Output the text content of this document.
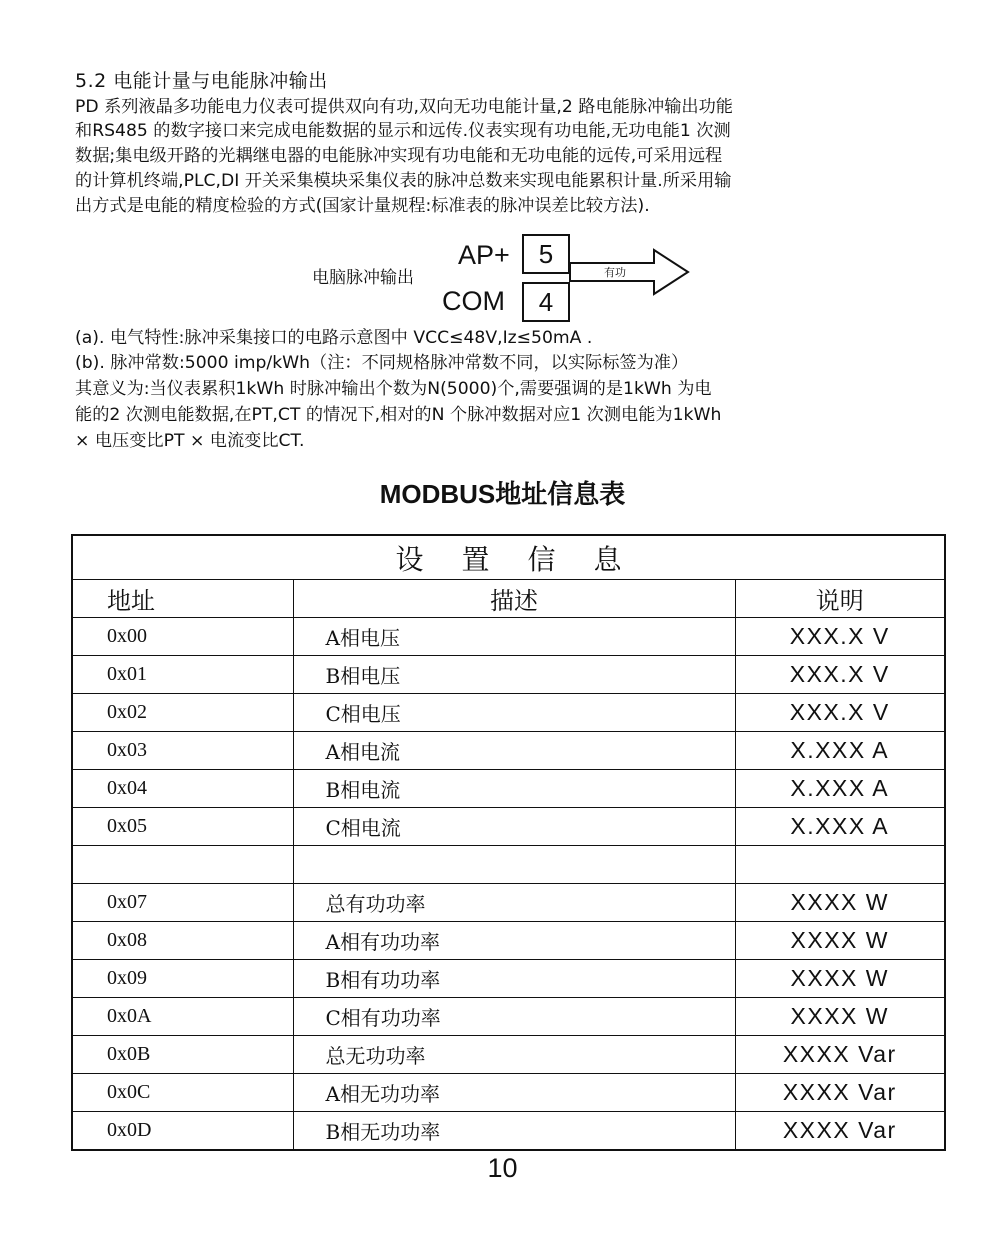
5.2 电能计量与电能脉冲输出
PD 系列液晶多功能电力仪表可提供双向有功,双向无功电能计量,2 路电能脉冲输出功能
和RS485 的数字接口来完成电能数据的显示和远传.仪表实现有功电能,无功电能1 次测
数据;集电级开路的光耦继电器的电能脉冲实现有功电能和无功电能的远传,可采用远程
的计算机终端,PLC,DI 开关采集模块采集仪表的脉冲总数来实现电能累积计量.所采用输
出方式是电能的精度检验的方式(国家计量规程:标准表的脉冲误差比较方法).
电脑脉冲输出
AP+	5
COM	4
有功
(a). 电气特性:脉冲采集接口的电路示意图中 VCC≤48V,Iz≤50mA .
(b). 脉冲常数:5000 imp/kWh（注：不同规格脉冲常数不同，以实际标签为准）
其意义为:当仪表累积1kWh 时脉冲输出个数为N(5000)个,需要强调的是1kWh 为电
能的2 次测电能数据,在PT,CT 的情况下,相对的N 个脉冲数据对应1 次测电能为1kWh
× 电压变比PT × 电流变比CT.
MODBUS地址信息表
设置信息		
地址	描述	说明
0x00	A相电压	XXX.X V
0x01	B相电压	XXX.X V
0x02	C相电压	XXX.X V
0x03	A相电流	X.XXX A
0x04	B相电流	X.XXX A
0x05	C相电流	X.XXX A

0x07	总有功功率	XXXX W
0x08	A相有功功率	XXXX W
0x09	B相有功功率	XXXX W
0x0A	C相有功功率	XXXX W
0x0B	总无功功率	XXXX Var
0x0C	A相无功功率	XXXX Var
0x0D	B相无功功率	XXXX Var
10
